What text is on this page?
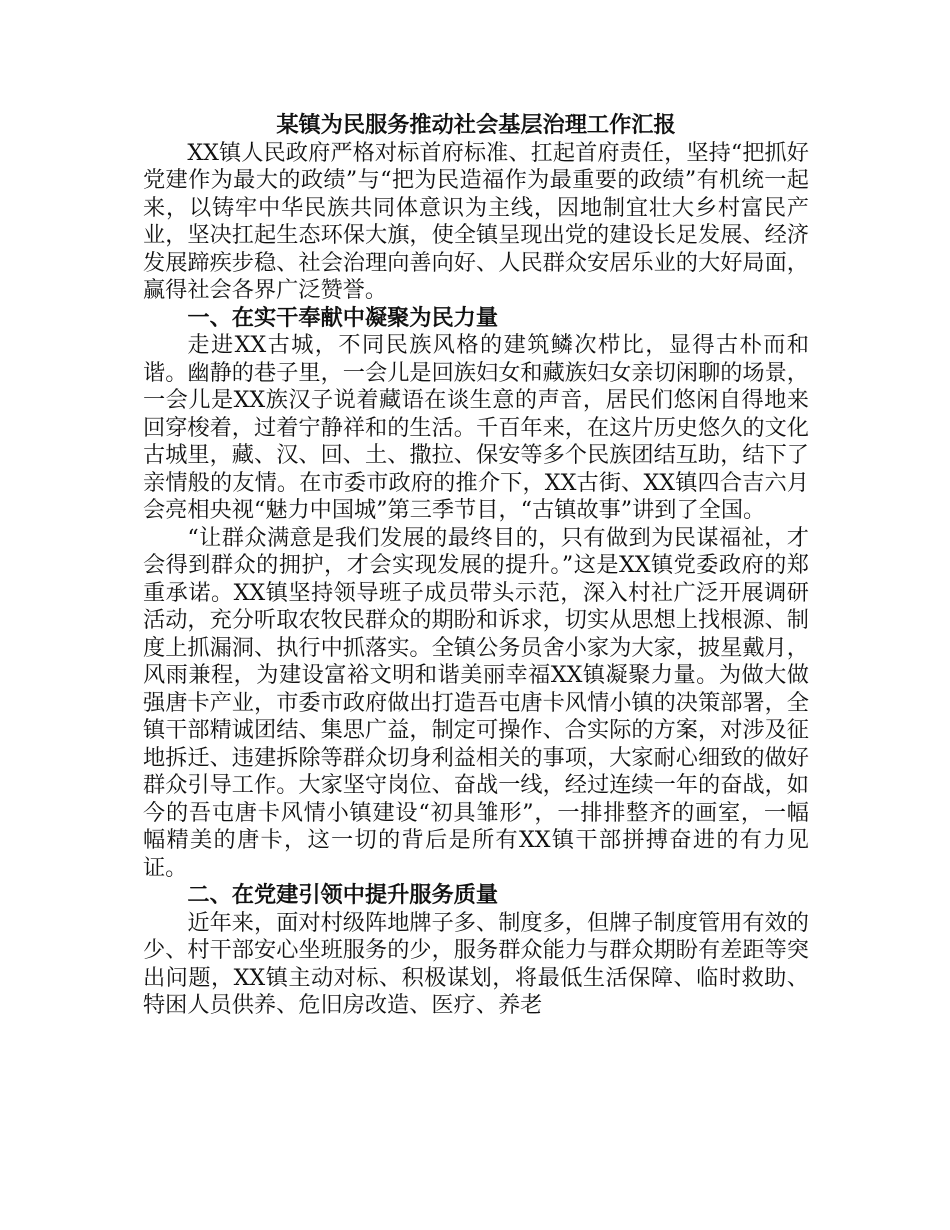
某镇为民服务推动社会基层治理工作汇报

XX镇人民政府严格对标首府标准、扛起首府责任，坚持“把抓好党建作为最大的政绩”与“把为民造福作为最重要的政绩”有机统一起来，以铸牢中华民族共同体意识为主线，因地制宜壮大乡村富民产业，坚决扛起生态环保大旗，使全镇呈现出党的建设长足发展、经济发展蹄疾步稳、社会治理向善向好、人民群众安居乐业的大好局面，赢得社会各界广泛赞誉。

一、在实干奉献中凝聚为民力量

走进XX古城，不同民族风格的建筑鳞次栉比，显得古朴而和谐。幽静的巷子里，一会儿是回族妇女和藏族妇女亲切闲聊的场景，一会儿是XX族汉子说着藏语在谈生意的声音，居民们悠闲自得地来回穿梭着，过着宁静祥和的生活。千百年来，在这片历史悠久的文化古城里，藏、汉、回、土、撒拉、保安等多个民族团结互助，结下了亲情般的友情。在市委市政府的推介下，XX古街、XX镇四合吉六月会亮相央视“魅力中国城”第三季节目，“古镇故事”讲到了全国。

“让群众满意是我们发展的最终目的，只有做到为民谋福祉，才会得到群众的拥护，才会实现发展的提升。”这是XX镇党委政府的郑重承诺。XX镇坚持领导班子成员带头示范，深入村社广泛开展调研活动，充分听取农牧民群众的期盼和诉求，切实从思想上找根源、制度上抓漏洞、执行中抓落实。全镇公务员舍小家为大家，披星戴月，风雨兼程，为建设富裕文明和谐美丽幸福XX镇凝聚力量。为做大做强唐卡产业，市委市政府做出打造吾屯唐卡风情小镇的决策部署，全镇干部精诚团结、集思广益，制定可操作、合实际的方案，对涉及征地拆迁、违建拆除等群众切身利益相关的事项，大家耐心细致的做好群众引导工作。大家坚守岗位、奋战一线，经过连续一年的奋战，如今的吾屯唐卡风情小镇建设“初具雏形”，一排排整齐的画室，一幅幅精美的唐卡，这一切的背后是所有XX镇干部拼搏奋进的有力见证。

二、在党建引领中提升服务质量

近年来，面对村级阵地牌子多、制度多，但牌子制度管用有效的少、村干部安心坐班服务的少，服务群众能力与群众期盼有差距等突出问题，XX镇主动对标、积极谋划，将最低生活保障、临时救助、特困人员供养、危旧房改造、医疗、养老
